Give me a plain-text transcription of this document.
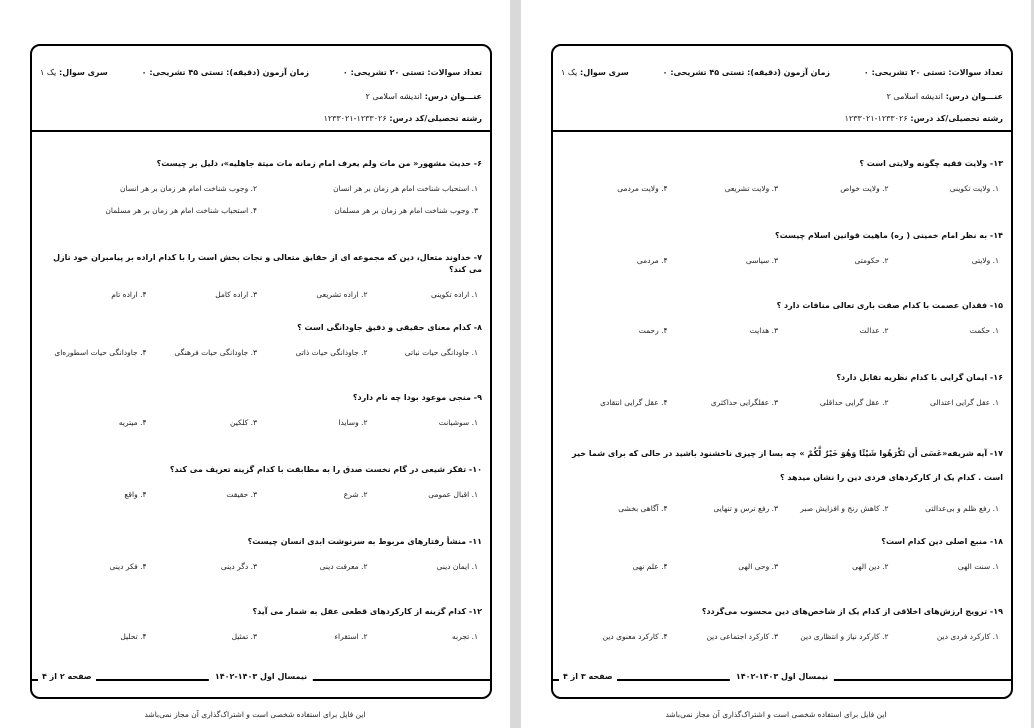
تعداد سوالات: تستی ۲۰ تشریحی: ۰
زمان آزمون (دقیقه): تستی ۴۵ تشریحی: ۰
سری سوال: یک ۱
عنـــوان درس: اندیشه اسلامی ۲
رشته تحصیلی/کد درس: ۱۲۳۳۰۲۶-۱۲۳۳۰۲۱
۶- حدیث مشهور« من مات ولم یعرف امام زمانه مات میتة جاهلیه»، دلیل بر چیست؟
۱. استحباب شناخت امام هر زمان بر هر انسان
۲. وجوب شناخت امام هر زمان بر هر انسان
۳. وجوب شناخت امام هر زمان بر هر مسلمان
۴. استحباب شناخت امام هر زمان بر هر مسلمان
۷- خداوند متعال، دین که مجموعه ای از حقایق متعالی و نجات بخش است را با کدام اراده بر پیامبران خود نازل می کند؟
۱. اراده تکوینی
۲. اراده تشریعی
۳. اراده کامل
۴. اراده تام
۸- کدام معنای حقیقی و دقیق جاودانگی است ؟
۱. جاودانگی حیات نباتی
۲. جاودانگی حیات ذاتی
۳. جاودانگی حیات فرهنگی
۴. جاودانگی حیات اسطوره‌ای
۹- منجی موعود بودا چه نام دارد؟
۱. سوشیانت
۲. وسایدا
۳. کلکین
۴. میتریه
۱۰- تفکر شیعی در گام نخست صدق را به مطابقت با کدام گزینه تعریف می کند؟
۱. اقبال عمومی
۲. شرع
۳. حقیقت
۴. واقع
۱۱- منشأ رفتارهای مربوط به سرنوشت ابدی انسان چیست؟
۱. ایمان دینی
۲. معرفت دینی
۳. دگر دینی
۴. فکر دینی
۱۲- کدام گزینه از کارکردهای قطعی عقل به شمار می آید؟
۱. تجربه
۲. استقراء
۳. تمثیل
۴. تحلیل
نیمسال اول ۱۴۰۳-۱۴۰۲
صفحه ۲ از ۴
این فایل برای استفاده شخصی است و اشتراک‌گذاری آن مجاز نمی‌باشد
تعداد سوالات: تستی ۲۰ تشریحی: ۰
زمان آزمون (دقیقه): تستی ۴۵ تشریحی: ۰
سری سوال: یک ۱
عنـــوان درس: اندیشه اسلامی ۲
رشته تحصیلی/کد درس: ۱۲۳۳۰۲۶-۱۲۳۳۰۲۱
۱۳- ولایت فقیه چگونه ولایتی است ؟
۱. ولایت تکوینی
۲. ولایت خواص
۳. ولایت تشریعی
۴. ولایت مردمی
۱۴- به نظر امام خمینی ( ره) ماهیت قوانین اسلام چیست؟
۱. ولایتی
۲. حکومتی
۳. سیاسی
۴. مردمی
۱۵- فقدان عصمت با کدام صفت باری تعالی منافات دارد ؟
۱. حکمت
۲. عدالت
۳. هدایت
۴. رحمت
۱۶- ایمان گرایی با کدام نظریه تقابل دارد؟
۱. عقل گرایی اعتدالی
۲. عقل گرایی حداقلی
۳. عقلگرایی حداکثری
۴. عقل گرایی انتقادی
۱۷- آیه شریفه«عَسَى أَن تَكْرَهُوا شَيْئًا وَهُوَ خَيْرٌ لَّكُمْ » چه بسا از چیزی ناخشنود باشید در حالی که برای شما خیر است . کدام یک از کارکردهای فردی دین را نشان میدهد ؟
۱. رفع ظلم و بی‌عدالتی
۲. کاهش رنج و افزایش صبر
۳. رفع ترس و تنهایی
۴. آگاهی بخشی
۱۸- منبع اصلی دین کدام است؟
۱. سنت الهی
۲. دین الهی
۳. وحی الهی
۴. علم نهی
۱۹- ترویج ارزش‌های اخلاقی از کدام یک از شاخص‌های دین محسوب می‌گردد؟
۱. کارکرد فردی دین
۲. کارکرد نیاز و انتظاری دین
۳. کارکرد اجتماعی دین
۴. کارکرد معنوی دین
نیمسال اول ۱۴۰۳-۱۴۰۲
صفحه ۳ از ۴
این فایل برای استفاده شخصی است و اشتراک‌گذاری آن مجاز نمی‌باشد
